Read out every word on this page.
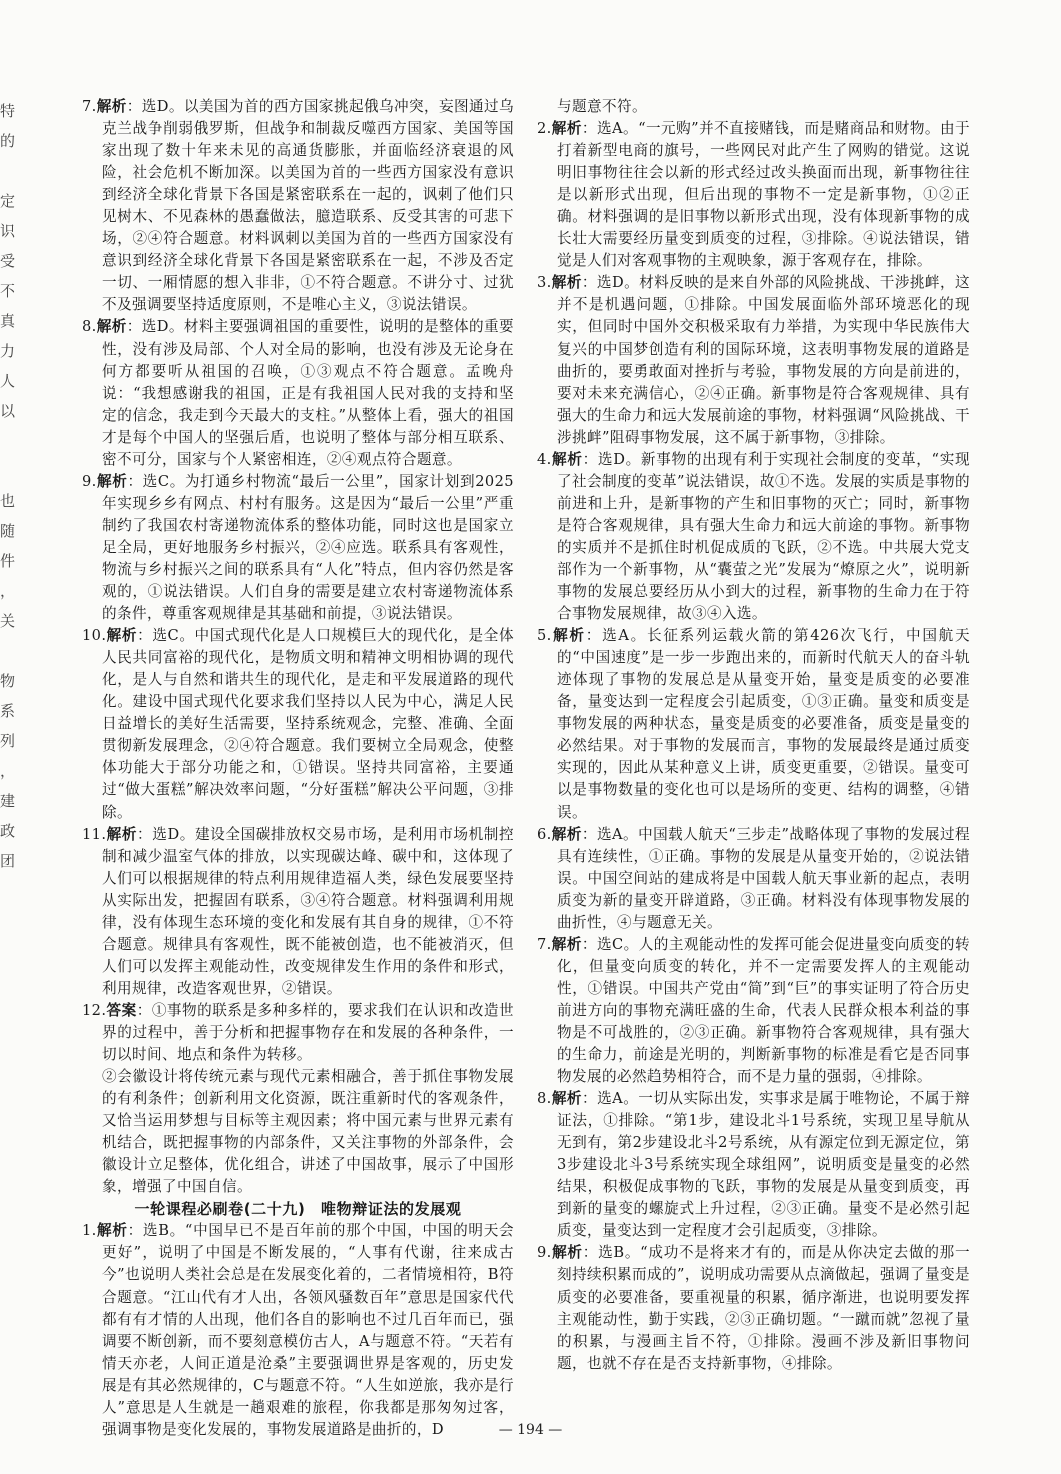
特
的

定
识
受
不
真
力
人
以

也
随
件
，
关

物
系
列
，
建
政
团

7.解析：选D。以美国为首的西方国家挑起俄乌冲突，妄图通过乌克兰战争削弱俄罗斯，但战争和制裁反噬西方国家、美国等国家出现了数十年来未见的高通货膨胀，并面临经济衰退的风险，社会危机不断加深。以美国为首的一些西方国家没有意识到经济全球化背景下各国是紧密联系在一起的，讽刺了他们只见树木、不见森林的愚蠢做法，臆造联系、反受其害的可悲下场，②④符合题意。材料讽刺以美国为首的一些西方国家没有意识到经济全球化背景下各国是紧密联系在一起，不涉及否定一切、一厢情愿的想入非非，①不符合题意。不讲分寸、过犹不及强调要坚持适度原则，不是唯心主义，③说法错误。

8.解析：选D。材料主要强调祖国的重要性，说明的是整体的重要性，没有涉及局部、个人对全局的影响，也没有涉及无论身在何方都要听从祖国的召唤，①③观点不符合题意。孟晚舟说：“我想感谢我的祖国，正是有我祖国人民对我的支持和坚定的信念，我走到今天最大的支柱。”从整体上看，强大的祖国才是每个中国人的坚强后盾，也说明了整体与部分相互联系、密不可分，国家与个人紧密相连，②④观点符合题意。

9.解析：选C。为打通乡村物流“最后一公里”，国家计划到2025年实现乡乡有网点、村村有服务。这是因为“最后一公里”严重制约了我国农村寄递物流体系的整体功能，同时这也是国家立足全局，更好地服务乡村振兴，②④应选。联系具有客观性，物流与乡村振兴之间的联系具有“人化”特点，但内容仍然是客观的，①说法错误。人们自身的需要是建立农村寄递物流体系的条件，尊重客观规律是其基础和前提，③说法错误。

10.解析：选C。中国式现代化是人口规模巨大的现代化，是全体人民共同富裕的现代化，是物质文明和精神文明相协调的现代化，是人与自然和谐共生的现代化，是走和平发展道路的现代化。建设中国式现代化要求我们坚持以人民为中心，满足人民日益增长的美好生活需要，坚持系统观念，完整、准确、全面贯彻新发展理念，②④符合题意。我们要树立全局观念，使整体功能大于部分功能之和，①错误。坚持共同富裕，主要通过“做大蛋糕”解决效率问题，“分好蛋糕”解决公平问题，③排除。

11.解析：选D。建设全国碳排放权交易市场，是利用市场机制控制和减少温室气体的排放，以实现碳达峰、碳中和，这体现了人们可以根据规律的特点利用规律造福人类，绿色发展要坚持从实际出发，把握固有联系，③④符合题意。材料强调利用规律，没有体现生态环境的变化和发展有其自身的规律，①不符合题意。规律具有客观性，既不能被创造，也不能被消灭，但人们可以发挥主观能动性，改变规律发生作用的条件和形式，利用规律，改造客观世界，②错误。

12.答案：①事物的联系是多种多样的，要求我们在认识和改造世界的过程中，善于分析和把握事物存在和发展的各种条件，一切以时间、地点和条件为转移。

②会徽设计将传统元素与现代元素相融合，善于抓住事物发展的有利条件；创新利用文化资源，既注重新时代的客观条件，又恰当运用梦想与目标等主观因素；将中国元素与世界元素有机结合，既把握事物的内部条件，又关注事物的外部条件，会徽设计立足整体，优化组合，讲述了中国故事，展示了中国形象，增强了中国自信。

一轮课程必刷卷(二十九)　唯物辩证法的发展观

1.解析：选B。“中国早已不是百年前的那个中国，中国的明天会更好”，说明了中国是不断发展的，“人事有代谢，往来成古今”也说明人类社会总是在发展变化着的，二者情境相符，B符合题意。“江山代有才人出，各领风骚数百年”意思是国家代代都有有才情的人出现，他们各自的影响也不过几百年而已，强调要不断创新，而不要刻意模仿古人，A与题意不符。“天若有情天亦老，人间正道是沧桑”主要强调世界是客观的，历史发展是有其必然规律的，C与题意不符。“人生如逆旅，我亦是行人”意思是人生就是一趟艰难的旅程，你我都是那匆匆过客，强调事物是变化发展的，事物发展道路是曲折的，D

与题意不符。

2.解析：选A。“一元购”并不直接赌钱，而是赌商品和财物。由于打着新型电商的旗号，一些网民对此产生了网购的错觉。这说明旧事物往往会以新的形式经过改头换面而出现，新事物往往是以新形式出现，但后出现的事物不一定是新事物，①②正确。材料强调的是旧事物以新形式出现，没有体现新事物的成长壮大需要经历量变到质变的过程，③排除。④说法错误，错觉是人们对客观事物的主观映象，源于客观存在，排除。

3.解析：选D。材料反映的是来自外部的风险挑战、干涉挑衅，这并不是机遇问题，①排除。中国发展面临外部环境恶化的现实，但同时中国外交积极采取有力举措，为实现中华民族伟大复兴的中国梦创造有利的国际环境，这表明事物发展的道路是曲折的，要勇敢面对挫折与考验，事物发展的方向是前进的，要对未来充满信心，②④正确。新事物是符合客观规律、具有强大的生命力和远大发展前途的事物，材料强调“风险挑战、干涉挑衅”阻碍事物发展，这不属于新事物，③排除。

4.解析：选D。新事物的出现有利于实现社会制度的变革，“实现了社会制度的变革”说法错误，故①不选。发展的实质是事物的前进和上升，是新事物的产生和旧事物的灭亡；同时，新事物是符合客观规律，具有强大生命力和远大前途的事物。新事物的实质并不是抓住时机促成质的飞跃，②不选。中共展大党支部作为一个新事物，从“囊萤之光”发展为“燎原之火”，说明新事物的发展总要经历从小到大的过程，新事物的生命力在于符合事物发展规律，故③④入选。

5.解析：选A。长征系列运载火箭的第426次飞行，中国航天的“中国速度”是一步一步跑出来的，而新时代航天人的奋斗轨迹体现了事物的发展总是从量变开始，量变是质变的必要准备，量变达到一定程度会引起质变，①③正确。量变和质变是事物发展的两种状态，量变是质变的必要准备，质变是量变的必然结果。对于事物的发展而言，事物的发展最终是通过质变实现的，因此从某种意义上讲，质变更重要，②错误。量变可以是事物数量的变化也可以是场所的变更、结构的调整，④错误。

6.解析：选A。中国载人航天“三步走”战略体现了事物的发展过程具有连续性，①正确。事物的发展是从量变开始的，②说法错误。中国空间站的建成将是中国载人航天事业新的起点，表明质变为新的量变开辟道路，③正确。材料没有体现事物发展的曲折性，④与题意无关。

7.解析：选C。人的主观能动性的发挥可能会促进量变向质变的转化，但量变向质变的转化，并不一定需要发挥人的主观能动性，①错误。中国共产党由“简”到“巨”的事实证明了符合历史前进方向的事物充满旺盛的生命，代表人民群众根本利益的事物是不可战胜的，②③正确。新事物符合客观规律，具有强大的生命力，前途是光明的，判断新事物的标准是看它是否同事物发展的必然趋势相符合，而不是力量的强弱，④排除。

8.解析：选A。一切从实际出发，实事求是属于唯物论，不属于辩证法，①排除。“第1步，建设北斗1号系统，实现卫星导航从无到有，第2步建设北斗2号系统，从有源定位到无源定位，第3步建设北斗3号系统实现全球组网”，说明质变是量变的必然结果，积极促成事物的飞跃，事物的发展是从量变到质变，再到新的量变的螺旋式上升过程，②③正确。量变不是必然引起质变，量变达到一定程度才会引起质变，③排除。

9.解析：选B。“成功不是将来才有的，而是从你决定去做的那一刻持续积累而成的”，说明成功需要从点滴做起，强调了量变是质变的必要准备，要重视量的积累，循序渐进，也说明要发挥主观能动性，勤于实践，②③正确切题。“一蹴而就”忽视了量的积累，与漫画主旨不符，①排除。漫画不涉及新旧事物问题，也就不存在是否支持新事物，④排除。

— 194 —
